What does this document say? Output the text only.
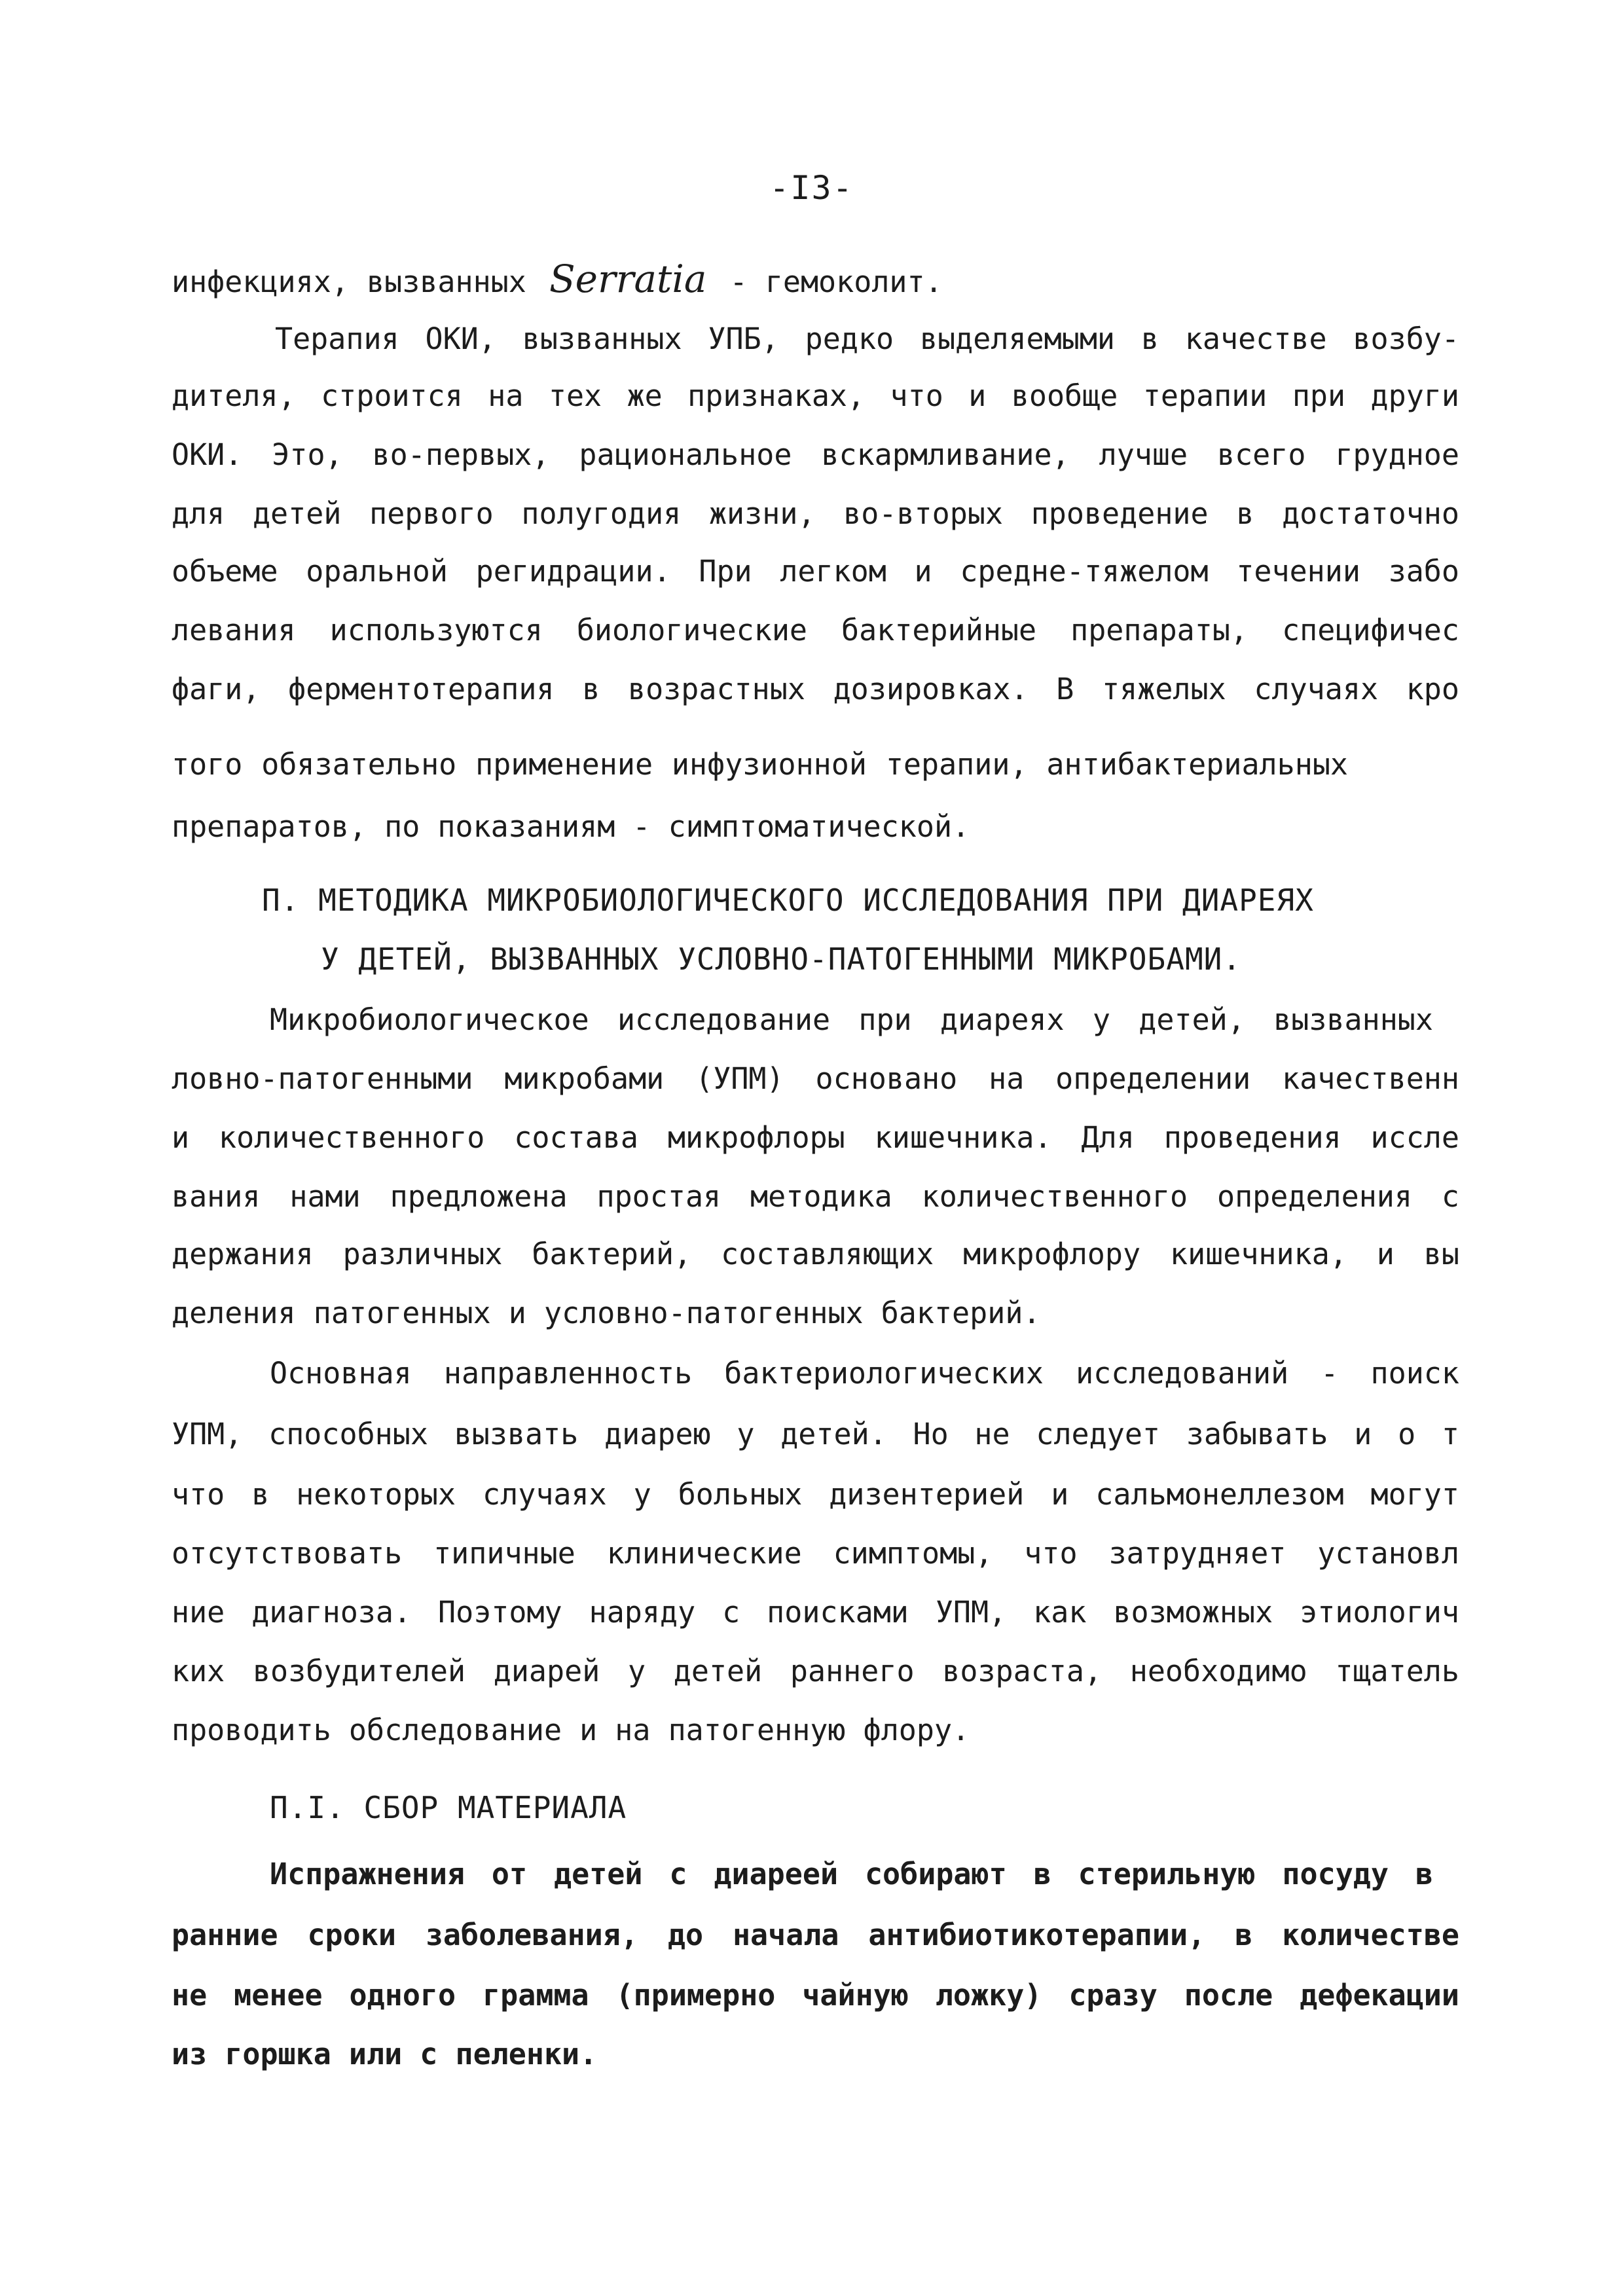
-I3-
инфекциях, вызванных Serratia - гемоколит.
Терапия ОКИ, вызванных УПБ, редко выделяемыми в качестве возбу-
дителя, строится на тех же признаках, что и вообще терапии при други
ОКИ. Это, во-первых, рациональное вскармливание, лучше всего грудное
для детей первого полугодия жизни, во-вторых проведение в достаточно
объеме оральной регидрации. При легком и средне-тяжелом течении забо
левания используются биологические бактерийные препараты, специфичес
фаги, ферментотерапия в возрастных дозировках. В тяжелых случаях кро
того обязательно применение инфузионной терапии, антибактериальных
препаратов, по показаниям - симптоматической.
П. МЕТОДИКА МИКРОБИОЛОГИЧЕСКОГО ИССЛЕДОВАНИЯ ПРИ ДИАРЕЯХ
У ДЕТЕЙ, ВЫЗВАННЫХ УСЛОВНО-ПАТОГЕННЫМИ МИКРОБАМИ.
Микробиологическое исследование при диареях у детей, вызванных
ловно-патогенными микробами (УПМ) основано на определении качественн
и количественного состава микрофлоры кишечника. Для проведения иссле
вания нами предложена простая методика количественного определения с
держания различных бактерий, составляющих микрофлору кишечника, и вы
деления патогенных и условно-патогенных бактерий.
Основная направленность бактериологических исследований - поиск
УПМ, способных вызвать диарею у детей. Но не следует забывать и о т
что в некоторых случаях у больных дизентерией и сальмонеллезом могут
отсутствовать типичные клинические симптомы, что затрудняет установл
ние диагноза. Поэтому наряду с поисками УПМ, как возможных этиологич
ких возбудителей диарей у детей раннего возраста, необходимо тщатель
проводить обследование и на патогенную флору.
П.I. СБОР МАТЕРИАЛА
Испражнения от детей с диареей собирают в стерильную посуду в
ранние сроки заболевания, до начала антибиотикотерапии, в количестве
не менее одного грамма (примерно чайную ложку) сразу после дефекации
из горшка или с пеленки.
